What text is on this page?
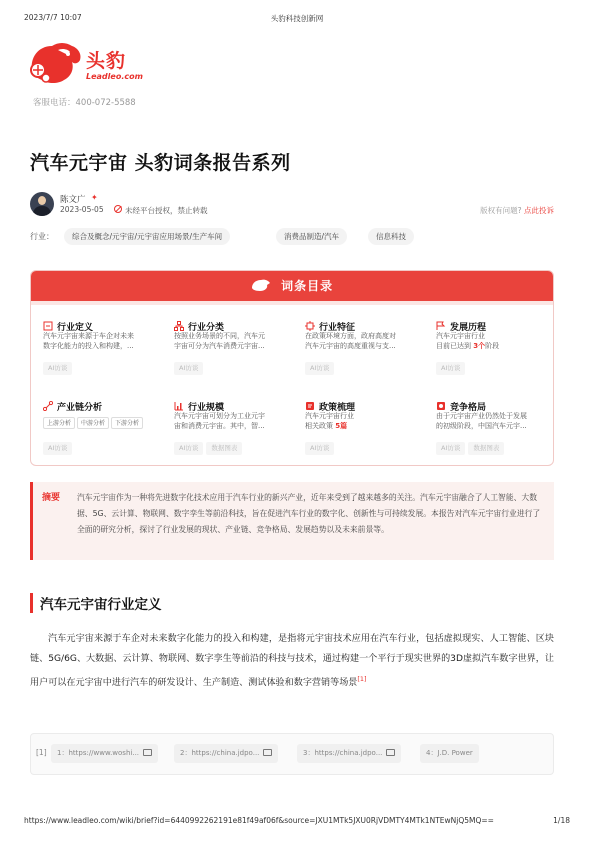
2023/7/7 10:07	头豹科技创新网
头豹
Leadleo.com
客服电话：400-072-5588
汽车元宇宙 头豹词条报告系列
陈文广 ✦
2023-05-05	未经平台授权，禁止转载	版权有问题? 点此投诉
行业：	综合及概念/元宇宙/元宇宙应用场景/生产车间	消费品制造/汽车	信息科技
词条目录
行业定义
汽车元宇宙来源于车企对未来
数字化能力的投入和构建，...
AI访谈
行业分类
按照业务场景的不同，汽车元
宇宙可分为汽车消费元宇宙...
AI访谈
行业特征
在政策环境方面，政府高度对
汽车元宇宙的高度重视与支...
AI访谈
发展历程
汽车元宇宙行业
目前已达到 3个阶段
AI访谈
产业链分析
上游分析 中游分析 下游分析
AI访谈
行业规模
汽车元宇宙可划分为工业元宇
宙和消费元宇宙。其中，智...
AI访谈 数据图表
政策梳理
汽车元宇宙行业
相关政策 5篇
AI访谈
竞争格局
由于元宇宙产业仍然处于发展
的初级阶段，中国汽车元宇...
AI访谈 数据图表
摘要 汽车元宇宙作为一种将先进数字化技术应用于汽车行业的新兴产业，近年来受到了越来越多的关注。汽车元宇宙融合了人工智能、大数据、5G、云计算、物联网、数字孪生等前沿科技，旨在促进汽车行业的数字化、创新性与可持续发展。本报告对汽车元宇宙行业进行了全面的研究分析，探讨了行业发展的现状、产业链、竞争格局、发展趋势以及未来前景等。
汽车元宇宙行业定义

汽车元宇宙来源于车企对未来数字化能力的投入和构建，是指将元宇宙技术应用在汽车行业，包括虚拟现实、人工智能、区块链、5G/6G、大数据、云计算、物联网、数字孪生等前沿的科技与技术，通过构建一个平行于现实世界的3D虚拟汽车数字世界，让用户可以在元宇宙中进行汽车的研发设计、生产制造、测试体验和数字营销等场景[1]

[1]	1：https://www.woshi...	2：https://china.jdpo...	3：https://china.jdpo...	4：J.D. Power
https://www.leadleo.com/wiki/brief?id=6440992262191e81f49af06f&source=JXU1MTk5JXU0RjVDMTY4MTk1NTEwNjQ5MQ==	1/18
